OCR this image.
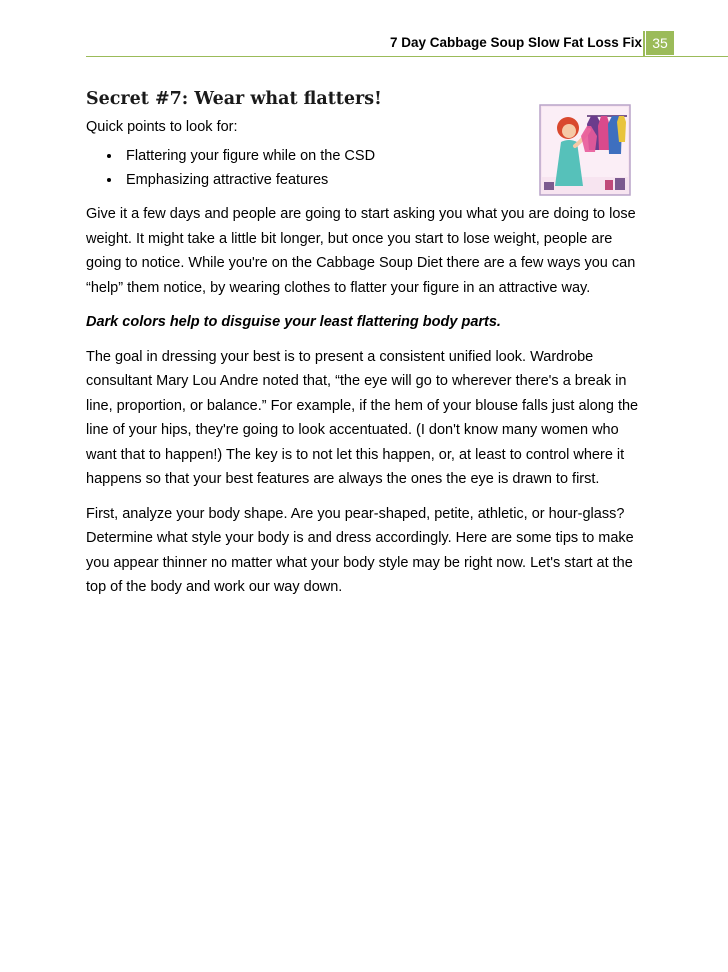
7 Day Cabbage Soup Slow Fat Loss Fix 35
Secret #7: Wear what flatters!
Quick points to look for:
• Flattering your figure while on the CSD
• Emphasizing attractive features

Give it a few days and people are going to start asking you what you are doing to lose weight. It might take a little bit longer, but once you start to lose weight, people are going to notice. While you're on the Cabbage Soup Diet there are a few ways you can “help” them notice, by wearing clothes to flatter your figure in an attractive way.

Dark colors help to disguise your least flattering body parts.

The goal in dressing your best is to present a consistent unified look. Wardrobe consultant Mary Lou Andre noted that, “the eye will go to wherever there's a break in line, proportion, or balance.” For example, if the hem of your blouse falls just along the line of your hips, they're going to look accentuated. (I don't know many women who want that to happen!) The key is to not let this happen, or, at least to control where it happens so that your best features are always the ones the eye is drawn to first.

First, analyze your body shape. Are you pear-shaped, petite, athletic, or hour-glass? Determine what style your body is and dress accordingly. Here are some tips to make you appear thinner no matter what your body style may be right now. Let's start at the top of the body and work our way down.
